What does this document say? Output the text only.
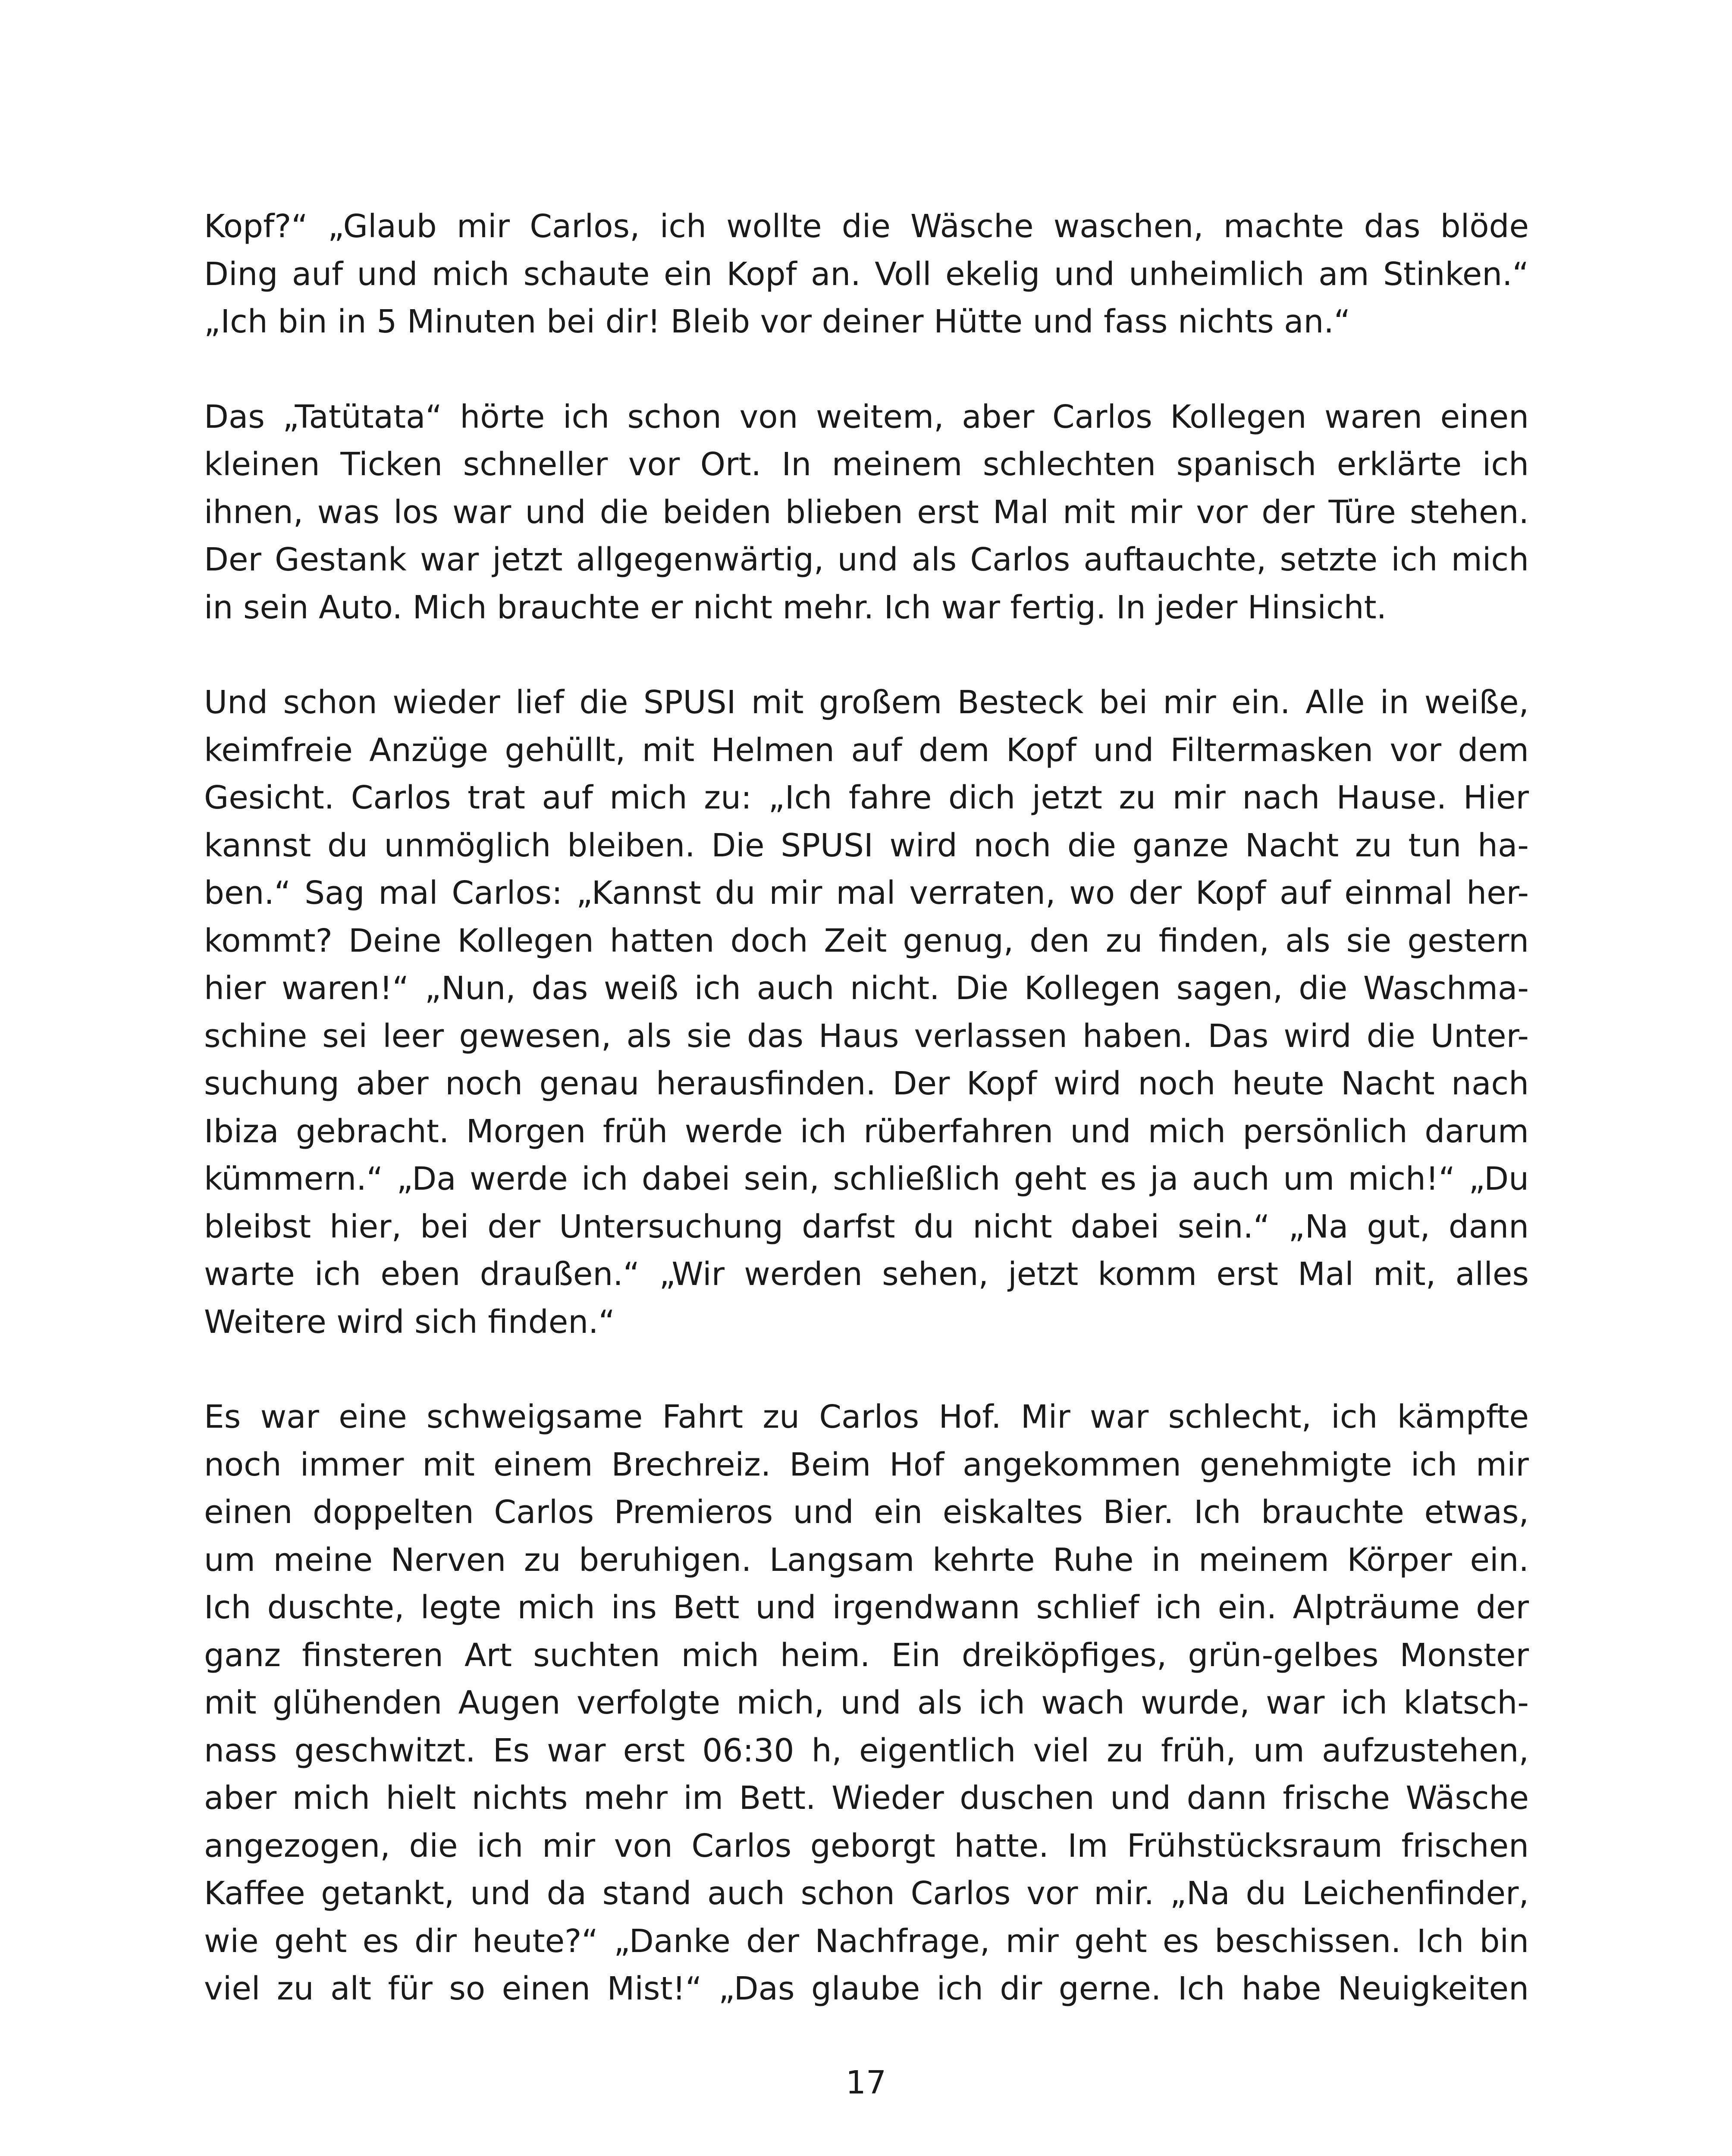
Kopf?“ „Glaub mir Carlos, ich wollte die Wäsche waschen, machte das blöde
Ding auf und mich schaute ein Kopf an. Voll ekelig und unheimlich am Stinken.“
„Ich bin in 5 Minuten bei dir! Bleib vor deiner Hütte und fass nichts an.“
Das „Tatütata“ hörte ich schon von weitem, aber Carlos Kollegen waren einen
kleinen Ticken schneller vor Ort. In meinem schlechten spanisch erklärte ich
ihnen, was los war und die beiden blieben erst Mal mit mir vor der Türe stehen.
Der Gestank war jetzt allgegenwärtig, und als Carlos auftauchte, setzte ich mich
in sein Auto. Mich brauchte er nicht mehr. Ich war fertig. In jeder Hinsicht.
Und schon wieder lief die SPUSI mit großem Besteck bei mir ein. Alle in weiße,
keimfreie Anzüge gehüllt, mit Helmen auf dem Kopf und Filtermasken vor dem
Gesicht. Carlos trat auf mich zu: „Ich fahre dich jetzt zu mir nach Hause. Hier
kannst du unmöglich bleiben. Die SPUSI wird noch die ganze Nacht zu tun ha-
ben.“ Sag mal Carlos: „Kannst du mir mal verraten, wo der Kopf auf einmal her-
kommt? Deine Kollegen hatten doch Zeit genug, den zu finden, als sie gestern
hier waren!“ „Nun, das weiß ich auch nicht. Die Kollegen sagen, die Waschma-
schine sei leer gewesen, als sie das Haus verlassen haben. Das wird die Unter-
suchung aber noch genau herausfinden. Der Kopf wird noch heute Nacht nach
Ibiza gebracht. Morgen früh werde ich rüberfahren und mich persönlich darum
kümmern.“ „Da werde ich dabei sein, schließlich geht es ja auch um mich!“ „Du
bleibst hier, bei der Untersuchung darfst du nicht dabei sein.“ „Na gut, dann
warte ich eben draußen.“ „Wir werden sehen, jetzt komm erst Mal mit, alles
Weitere wird sich finden.“
Es war eine schweigsame Fahrt zu Carlos Hof. Mir war schlecht, ich kämpfte
noch immer mit einem Brechreiz. Beim Hof angekommen genehmigte ich mir
einen doppelten Carlos Premieros und ein eiskaltes Bier. Ich brauchte etwas,
um meine Nerven zu beruhigen. Langsam kehrte Ruhe in meinem Körper ein.
Ich duschte, legte mich ins Bett und irgendwann schlief ich ein. Alpträume der
ganz finsteren Art suchten mich heim. Ein dreiköpfiges, grün-gelbes Monster
mit glühenden Augen verfolgte mich, und als ich wach wurde, war ich klatsch-
nass geschwitzt. Es war erst 06:30 h, eigentlich viel zu früh, um aufzustehen,
aber mich hielt nichts mehr im Bett. Wieder duschen und dann frische Wäsche
angezogen, die ich mir von Carlos geborgt hatte. Im Frühstücksraum frischen
Kaffee getankt, und da stand auch schon Carlos vor mir. „Na du Leichenfinder,
wie geht es dir heute?“ „Danke der Nachfrage, mir geht es beschissen. Ich bin
viel zu alt für so einen Mist!“ „Das glaube ich dir gerne. Ich habe Neuigkeiten
17
